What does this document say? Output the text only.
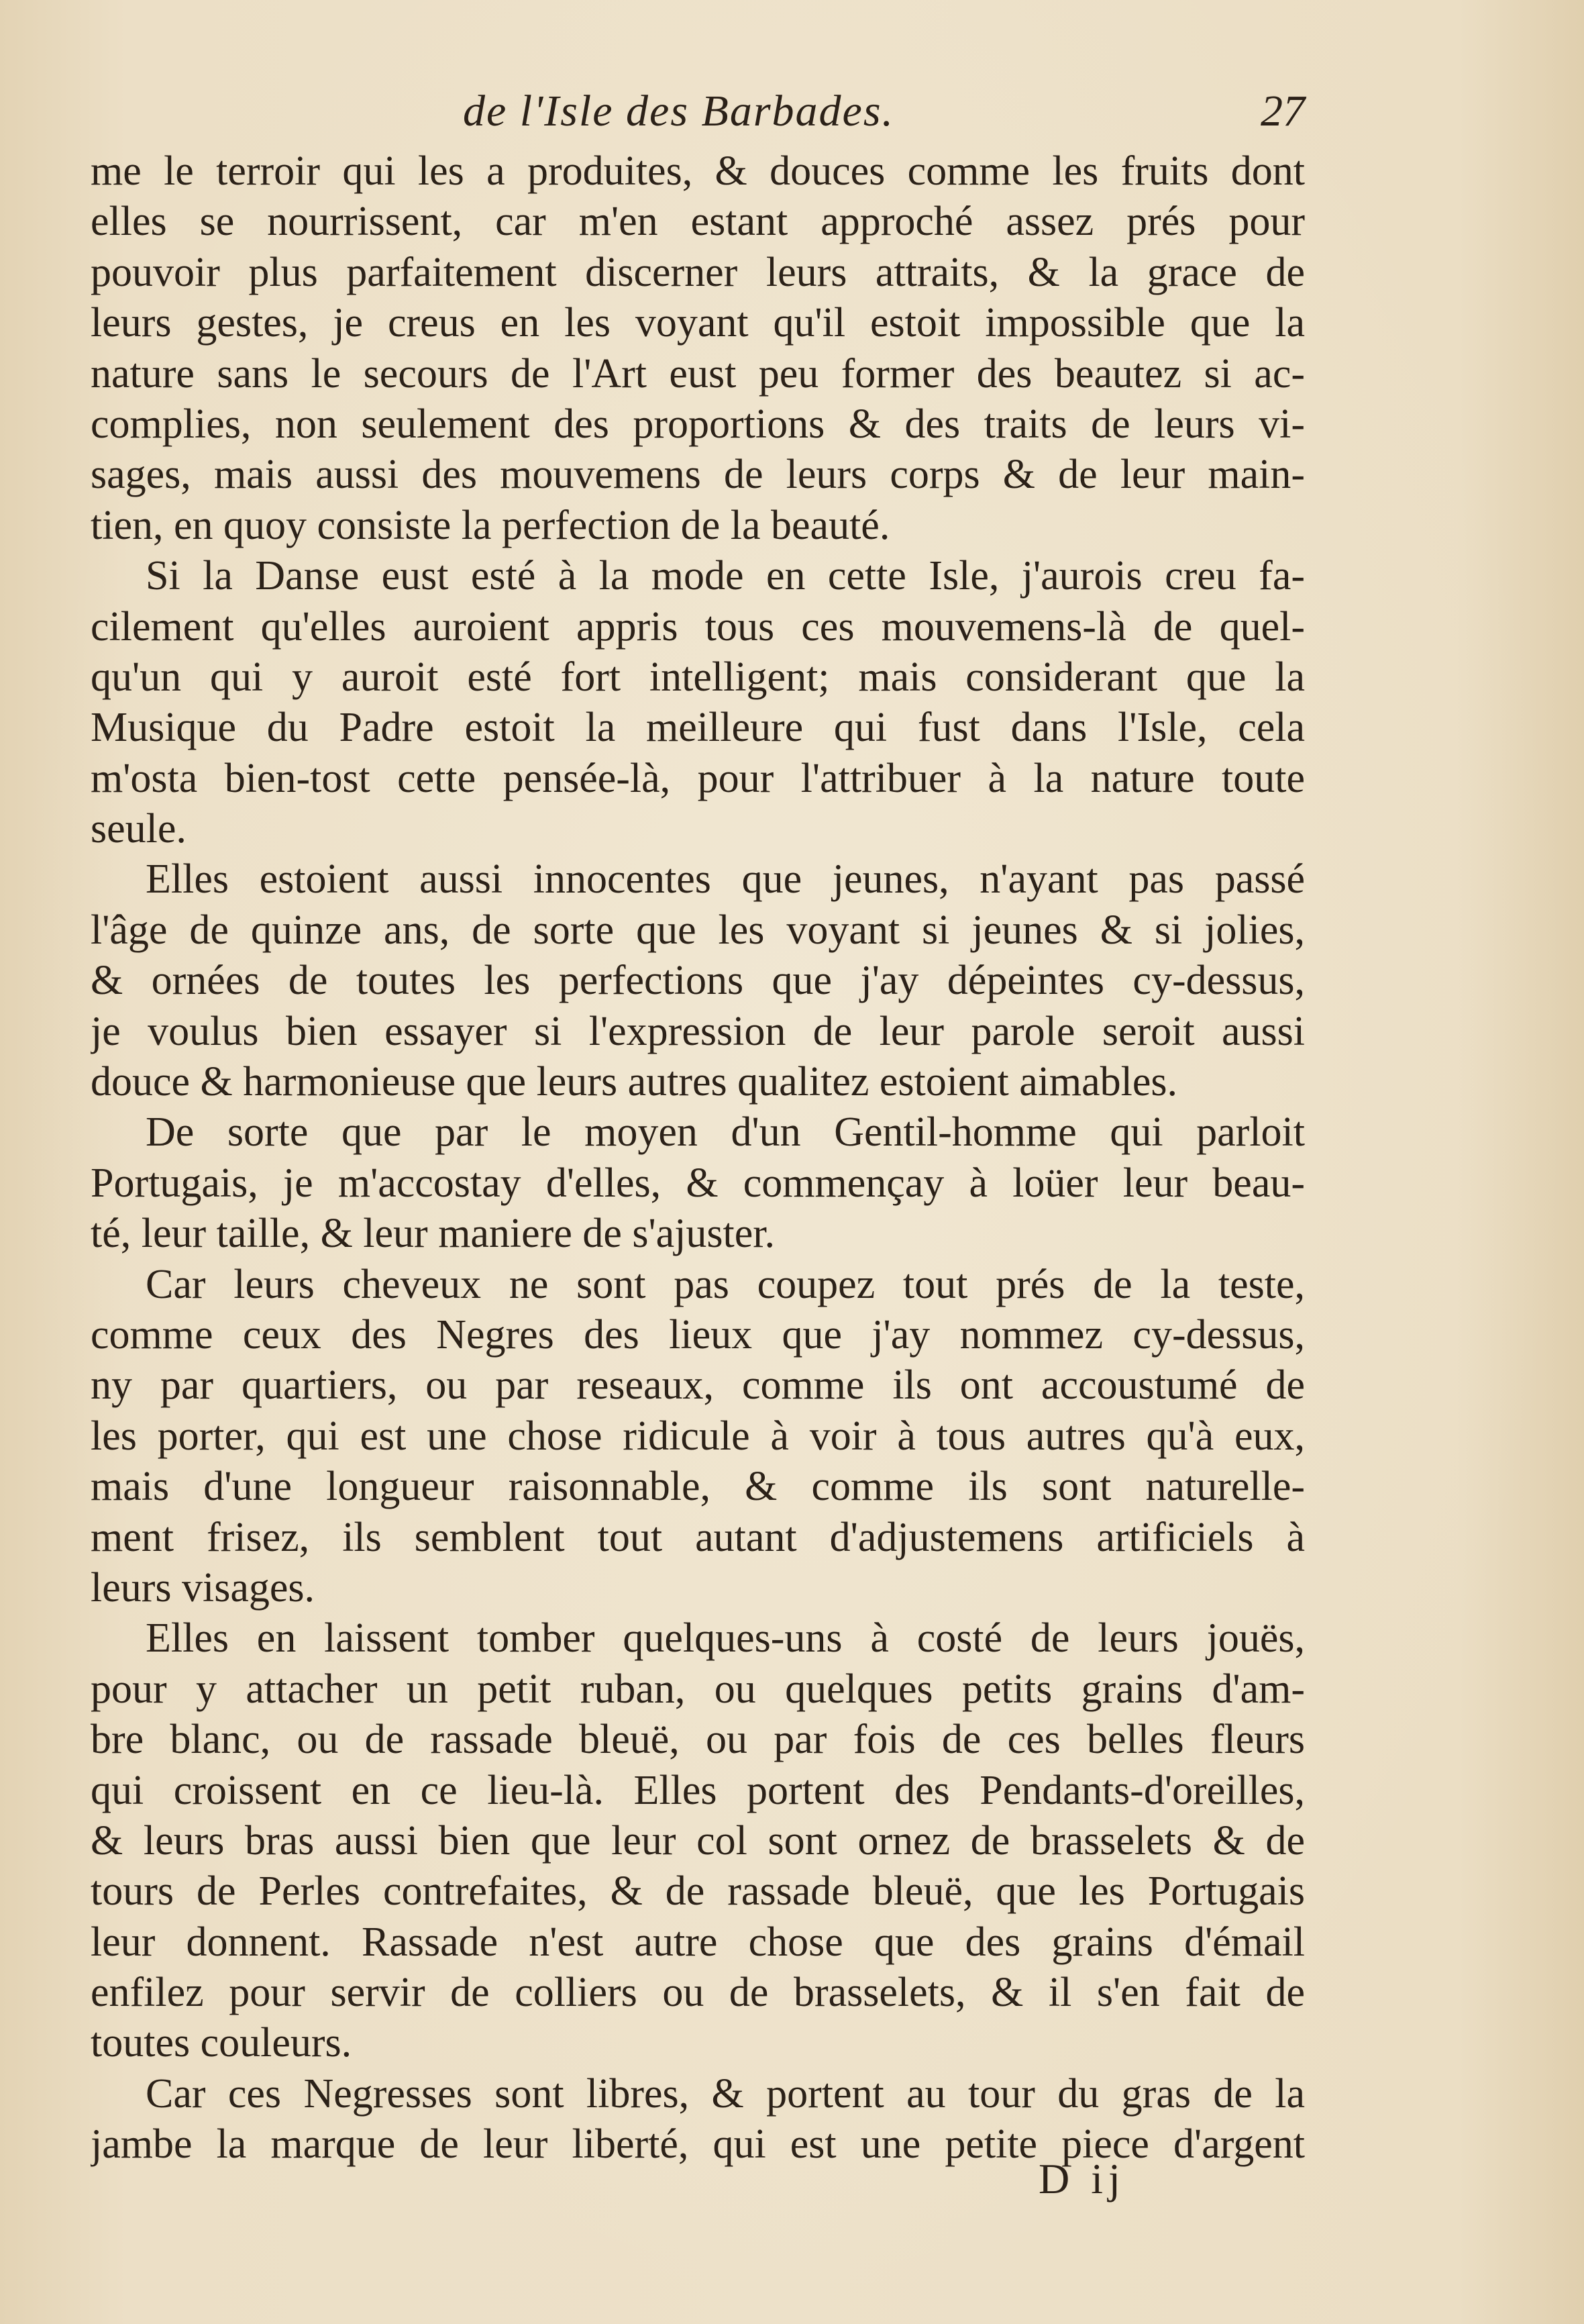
de l'Isle des Barbades.	27
me le terroir qui les a produites, & douces comme les fruits dont
elles se nourrissent, car m'en estant approché assez prés pour
pouvoir plus parfaitement discerner leurs attraits, & la grace de
leurs gestes, je creus en les voyant qu'il estoit impossible que la
nature sans le secours de l'Art eust peu former des beautez si ac-
complies, non seulement des proportions & des traits de leurs vi-
sages, mais aussi des mouvemens de leurs corps & de leur main-
tien, en quoy consiste la perfection de la beauté.
Si la Danse eust esté à la mode en cette Isle, j'aurois creu fa-
cilement qu'elles auroient appris tous ces mouvemens-là de quel-
qu'un qui y auroit esté fort intelligent; mais considerant que la
Musique du Padre estoit la meilleure qui fust dans l'Isle, cela
m'osta bien-tost cette pensée-là, pour l'attribuer à la nature toute
seule.
Elles estoient aussi innocentes que jeunes, n'ayant pas passé
l'âge de quinze ans, de sorte que les voyant si jeunes & si jolies,
& ornées de toutes les perfections que j'ay dépeintes cy-dessus,
je voulus bien essayer si l'expression de leur parole seroit aussi
douce & harmonieuse que leurs autres qualitez estoient aimables.
De sorte que par le moyen d'un Gentil-homme qui parloit
Portugais, je m'accostay d'elles, & commençay à loüer leur beau-
té, leur taille, & leur maniere de s'ajuster.
Car leurs cheveux ne sont pas coupez tout prés de la teste,
comme ceux des Negres des lieux que j'ay nommez cy-dessus,
ny par quartiers, ou par reseaux, comme ils ont accoustumé de
les porter, qui est une chose ridicule à voir à tous autres qu'à eux,
mais d'une longueur raisonnable, & comme ils sont naturelle-
ment frisez, ils semblent tout autant d'adjustemens artificiels à
leurs visages.
Elles en laissent tomber quelques-uns à costé de leurs jouës,
pour y attacher un petit ruban, ou quelques petits grains d'am-
bre blanc, ou de rassade bleuë, ou par fois de ces belles fleurs
qui croissent en ce lieu-là. Elles portent des Pendants-d'oreilles,
& leurs bras aussi bien que leur col sont ornez de brasselets & de
tours de Perles contrefaites, & de rassade bleuë, que les Portugais
leur donnent. Rassade n'est autre chose que des grains d'émail
enfilez pour servir de colliers ou de brasselets, & il s'en fait de
toutes couleurs.
Car ces Negresses sont libres, & portent au tour du gras de la
jambe la marque de leur liberté, qui est une petite piece d'argent
D ij
